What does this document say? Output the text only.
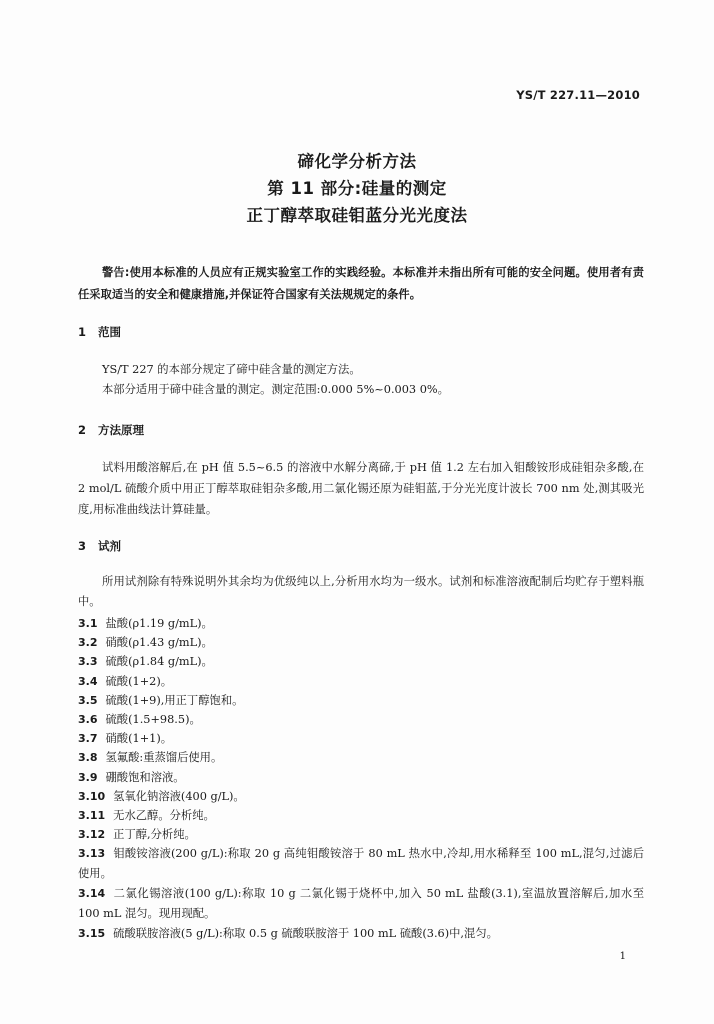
YS/T 227.11—2010
碲化学分析方法
第 11 部分:硅量的测定
正丁醇萃取硅钼蓝分光光度法
警告:使用本标准的人员应有正规实验室工作的实践经验。本标准并未指出所有可能的安全问题。使用者有责任采取适当的安全和健康措施,并保证符合国家有关法规规定的条件。
1 范围

YS/T 227 的本部分规定了碲中硅含量的测定方法。

本部分适用于碲中硅含量的测定。测定范围:0.000 5%~0.003 0%。

2 方法原理

试料用酸溶解后,在 pH 值 5.5~6.5 的溶液中水解分离碲,于 pH 值 1.2 左右加入钼酸铵形成硅钼杂多酸,在 2 mol/L 硫酸介质中用正丁醇萃取硅钼杂多酸,用二氯化锡还原为硅钼蓝,于分光光度计波长 700 nm 处,测其吸光度,用标准曲线法计算硅量。

3 试剂

所用试剂除有特殊说明外其余均为优级纯以上,分析用水均为一级水。试剂和标准溶液配制后均贮存于塑料瓶中。

3.1 盐酸(ρ1.19 g/mL)。
3.2 硝酸(ρ1.43 g/mL)。
3.3 硫酸(ρ1.84 g/mL)。
3.4 硫酸(1+2)。
3.5 硫酸(1+9),用正丁醇饱和。
3.6 硫酸(1.5+98.5)。
3.7 硝酸(1+1)。
3.8 氢氟酸:重蒸馏后使用。
3.9 硼酸饱和溶液。
3.10 氢氧化钠溶液(400 g/L)。
3.11 无水乙醇。分析纯。
3.12 正丁醇,分析纯。
3.13 钼酸铵溶液(200 g/L):称取 20 g 高纯钼酸铵溶于 80 mL 热水中,冷却,用水稀释至 100 mL,混匀,过滤后使用。
3.14 二氯化锡溶液(100 g/L):称取 10 g 二氯化锡于烧杯中,加入 50 mL 盐酸(3.1),室温放置溶解后,加水至 100 mL 混匀。现用现配。
3.15 硫酸联胺溶液(5 g/L):称取 0.5 g 硫酸联胺溶于 100 mL 硫酸(3.6)中,混匀。
1
